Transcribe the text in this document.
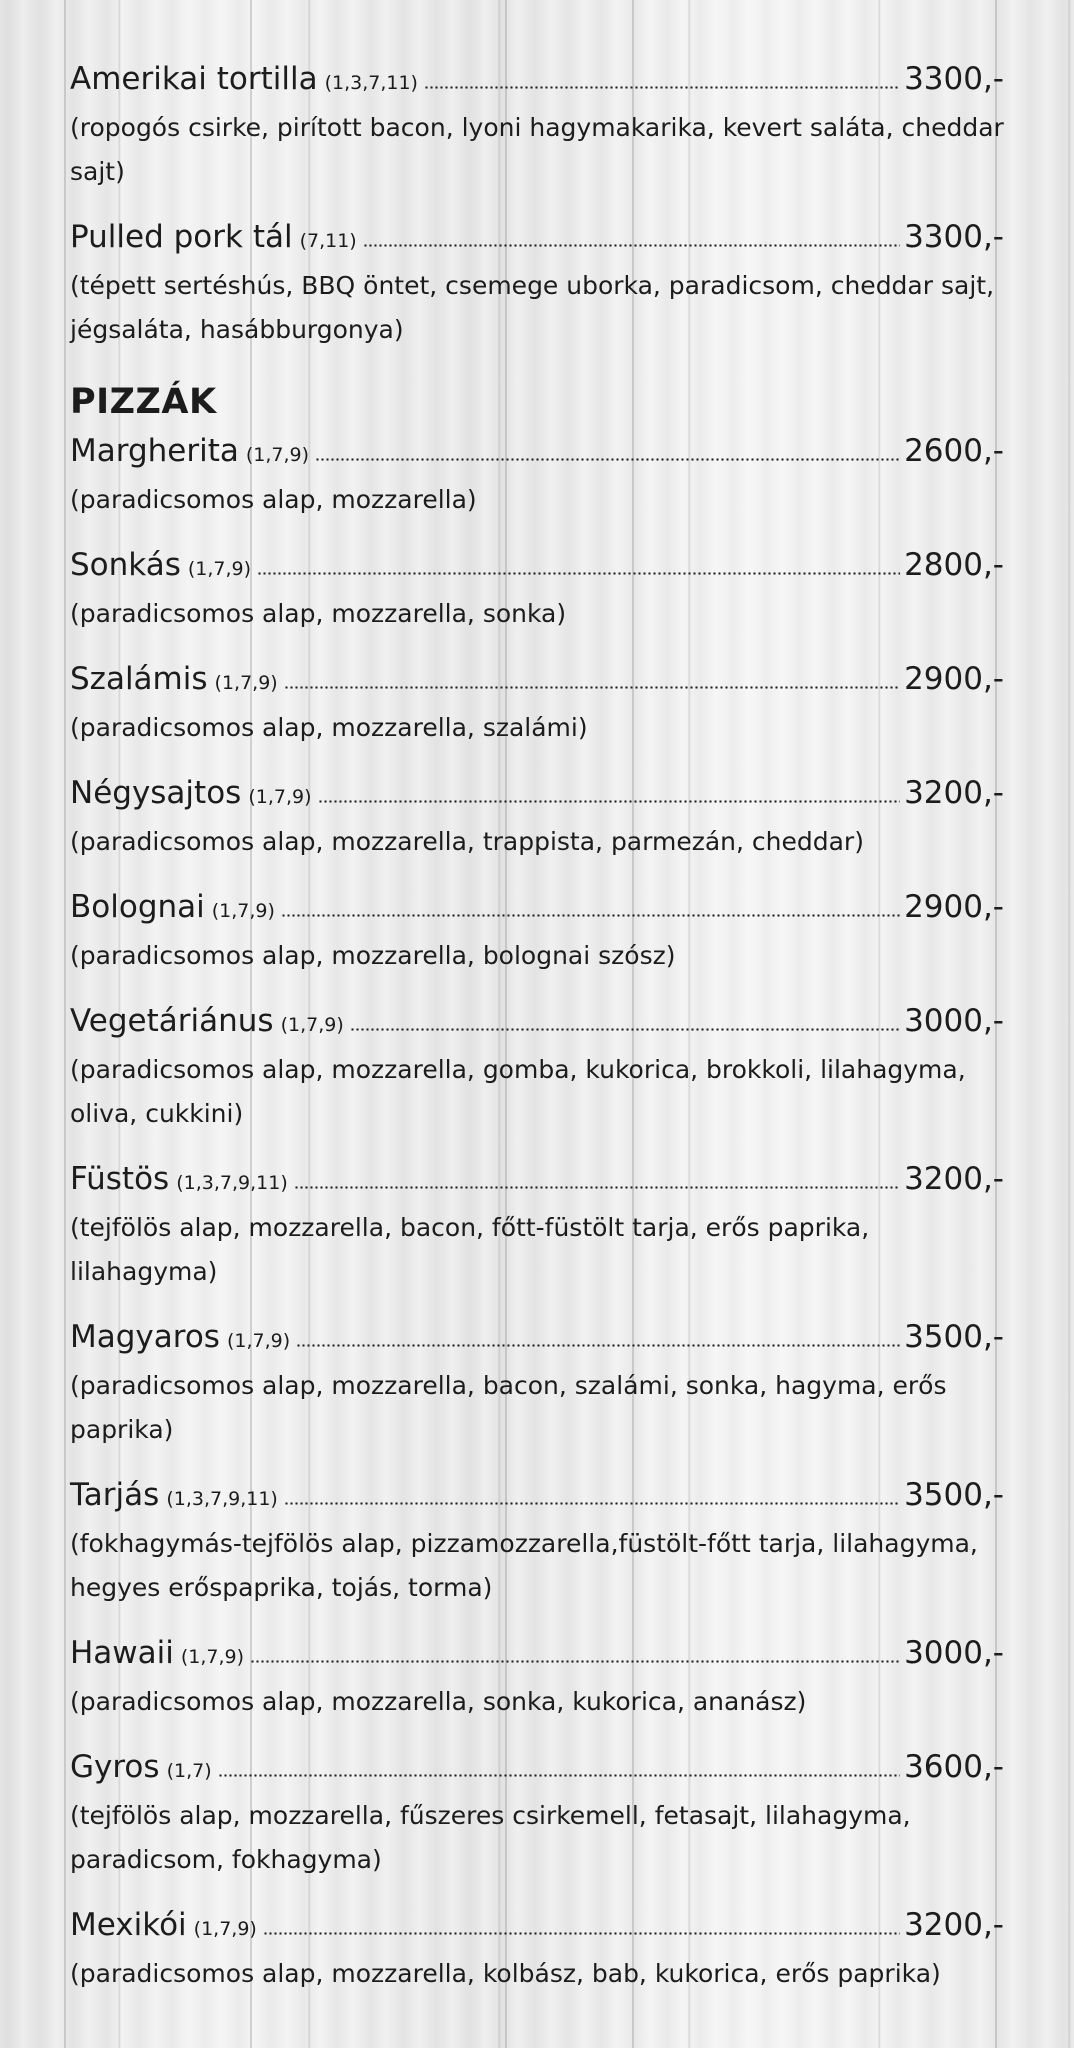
Amerikai tortilla (1,3,7,11)	3300,-
(ropogós csirke, pirított bacon, lyoni hagymakarika, kevert saláta, cheddar sajt)
Pulled pork tál (7,11)	3300,-
(tépett sertéshús, BBQ öntet, csemege uborka, paradicsom, cheddar sajt, jégsaláta, hasábburgonya)
PIZZÁK
Margherita (1,7,9)	2600,-
(paradicsomos alap, mozzarella)
Sonkás (1,7,9)	2800,-
(paradicsomos alap, mozzarella, sonka)
Szalámis (1,7,9)	2900,-
(paradicsomos alap, mozzarella, szalámi)
Négysajtos (1,7,9)	3200,-
(paradicsomos alap, mozzarella, trappista, parmezán, cheddar)
Bolognai (1,7,9)	2900,-
(paradicsomos alap, mozzarella, bolognai szósz)
Vegetáriánus (1,7,9)	3000,-
(paradicsomos alap, mozzarella, gomba, kukorica, brokkoli, lilahagyma, oliva, cukkini)
Füstös (1,3,7,9,11)	3200,-
(tejfölös alap, mozzarella, bacon, főtt-füstölt tarja, erős paprika, lilahagyma)
Magyaros (1,7,9)	3500,-
(paradicsomos alap, mozzarella, bacon, szalámi, sonka, hagyma, erős paprika)
Tarjás (1,3,7,9,11)	3500,-
(fokhagymás-tejfölös alap, pizzamozzarella,füstölt-főtt tarja, lilahagyma, hegyes erőspaprika, tojás, torma)
Hawaii (1,7,9)	3000,-
(paradicsomos alap, mozzarella, sonka, kukorica, ananász)
Gyros (1,7)	3600,-
(tejfölös alap, mozzarella, fűszeres csirkemell, fetasajt, lilahagyma, paradicsom, fokhagyma)
Mexikói (1,7,9)	3200,-
(paradicsomos alap, mozzarella, kolbász, bab, kukorica, erős paprika)
